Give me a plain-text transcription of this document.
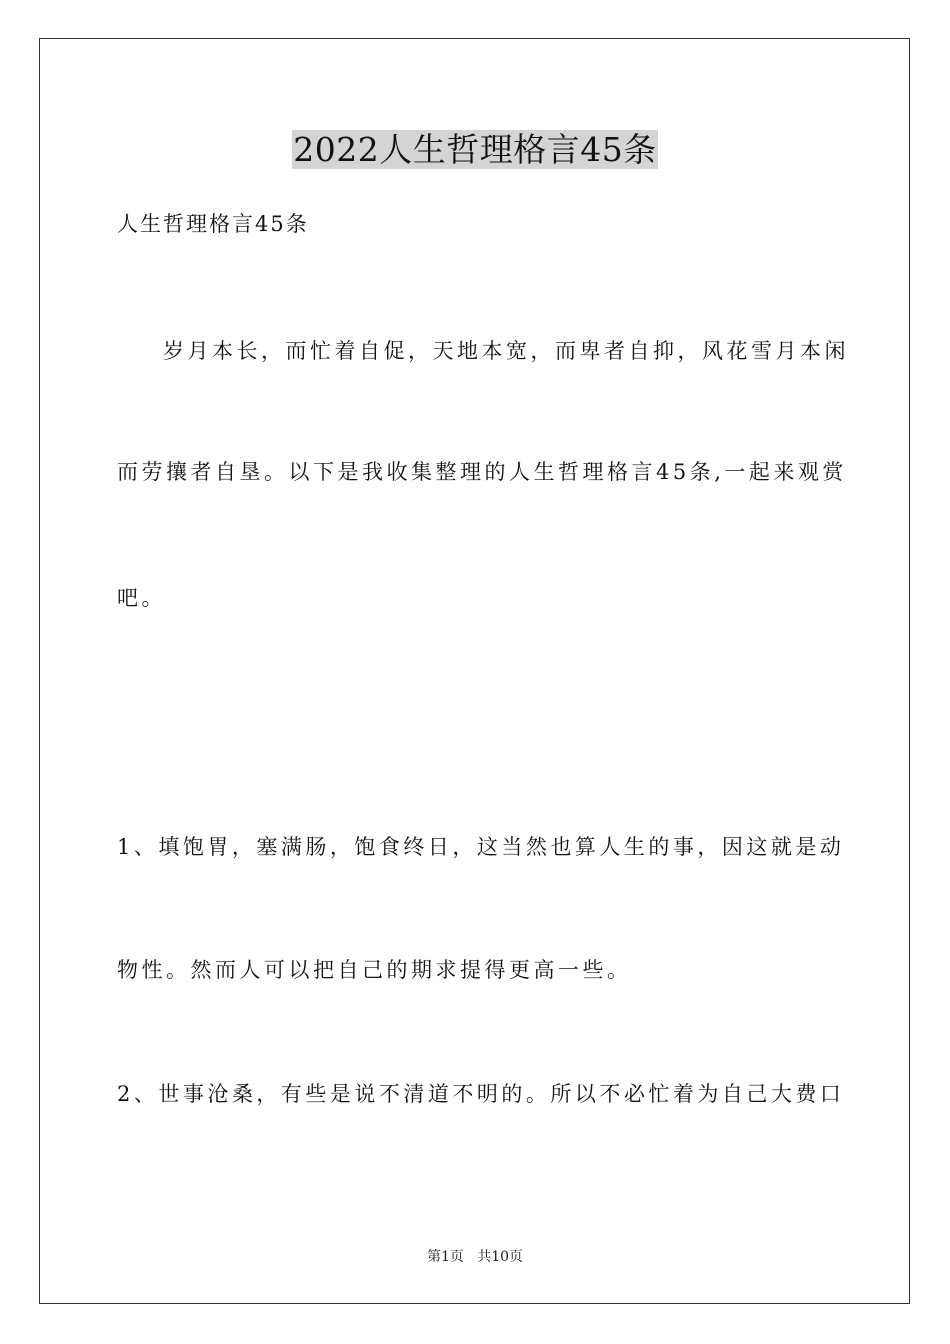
2022人生哲理格言45条
人生哲理格言45条
岁月本长，而忙着自促，天地本宽，而卑者自抑，风花雪月本闲
而劳攘者自垦。以下是我收集整理的人生哲理格言45条,一起来观赏
吧。
1、填饱胃，塞满肠，饱食终日，这当然也算人生的事，因这就是动
物性。然而人可以把自己的期求提得更高一些。
2、世事沧桑，有些是说不清道不明的。所以不必忙着为自己大费口
第1页   共10页
